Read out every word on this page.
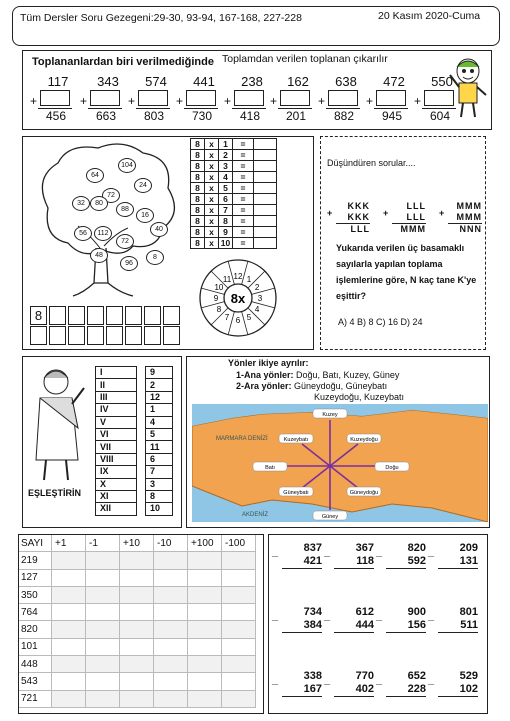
Tüm Dersler Soru Gezegeni:29-30, 93-94, 167-168, 227-228	20 Kasım 2020-Cuma
Toplananlardan biri verilmediğinde Toplamdan verilen toplanan çıkarılır
117
+
456
343
+
663
574
+
803
441
+
730
238
+
418
162
+
201
638
+
882
472
+
945
550
+
604
64
104
24
72
32	80
88
16
56	112
72
40
96
8
48
8	x	1	=	
8	x	2	=	
8	x	3	=	
8	x	4	=	
8	x	5	=	
8	x	6	=	
8	x	7	=	
8	x	8	=	
8	x	9	=	
8	x	10	=	
8x
1
2
3
4
5
6
7
8
9
10
11 12
8
Düşündüren sorular....
KKK
KKK
LLL
+
LLL
LLL
MMM
+
MMM
MMM
NNN
+
Yukarıda verilen üç basamaklı sayılarla yapılan toplama işlemlerine göre, N kaç tane K'ye eşittir?
A) 4 B) 8 C) 16 D) 24
EŞLEŞTİRİN
I		9
II		2
III		12
IV		1
V		4
VI		5
VII		11
VIII		6
IX		7
X		3
XI		8
XII		10
Yönler ikiye ayrılır:
1-Ana yönler: Doğu, Batı, Kuzey, Güney
2-Ara yönler: Güneydoğu, Güneybatı
Kuzeydoğu, Kuzeybatı
MARMARA DENİZİ
AKDENİZ
Kuzey
Güney
Batı	Doğu
Kuzeybatı	Kuzeydoğu
Güneybatı	Güneydoğu
SAYI	+1	-1	+10	-10	+100	-100
219						
127						
350						
764						
820						
101						
448						
543						
721						
_	837
421

_	367
118

_	820
592

_	209
131

_	734
384

_	612
444

_	900
156

_	801
511

_	338
167

_	770
402

_	652
228

_	529
102
